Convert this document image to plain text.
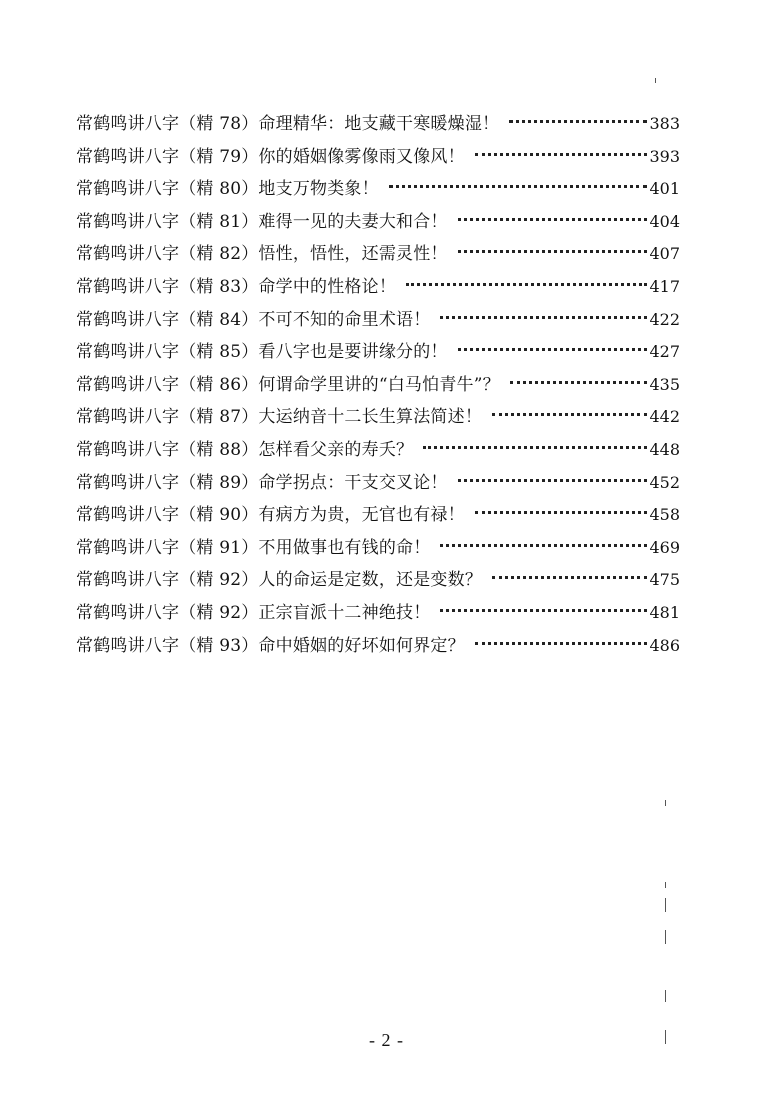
常鹤鸣讲八字（精 78）命理精华：地支藏干寒暖燥湿！	383
常鹤鸣讲八字（精 79）你的婚姻像雾像雨又像风！	393
常鹤鸣讲八字（精 80）地支万物类象！	401
常鹤鸣讲八字（精 81）难得一见的夫妻大和合！	404
常鹤鸣讲八字（精 82）悟性，悟性，还需灵性！	407
常鹤鸣讲八字（精 83）命学中的性格论！	417
常鹤鸣讲八字（精 84）不可不知的命里术语！	422
常鹤鸣讲八字（精 85）看八字也是要讲缘分的！	427
常鹤鸣讲八字（精 86）何谓命学里讲的“白马怕青牛”？	435
常鹤鸣讲八字（精 87）大运纳音十二长生算法简述！	442
常鹤鸣讲八字（精 88）怎样看父亲的寿夭？	448
常鹤鸣讲八字（精 89）命学拐点：干支交叉论！	452
常鹤鸣讲八字（精 90）有病方为贵，无官也有禄！	458
常鹤鸣讲八字（精 91）不用做事也有钱的命！	469
常鹤鸣讲八字（精 92）人的命运是定数，还是变数？	475
常鹤鸣讲八字（精 92）正宗盲派十二神绝技！	481
常鹤鸣讲八字（精 93）命中婚姻的好坏如何界定？	486
- 2 -
